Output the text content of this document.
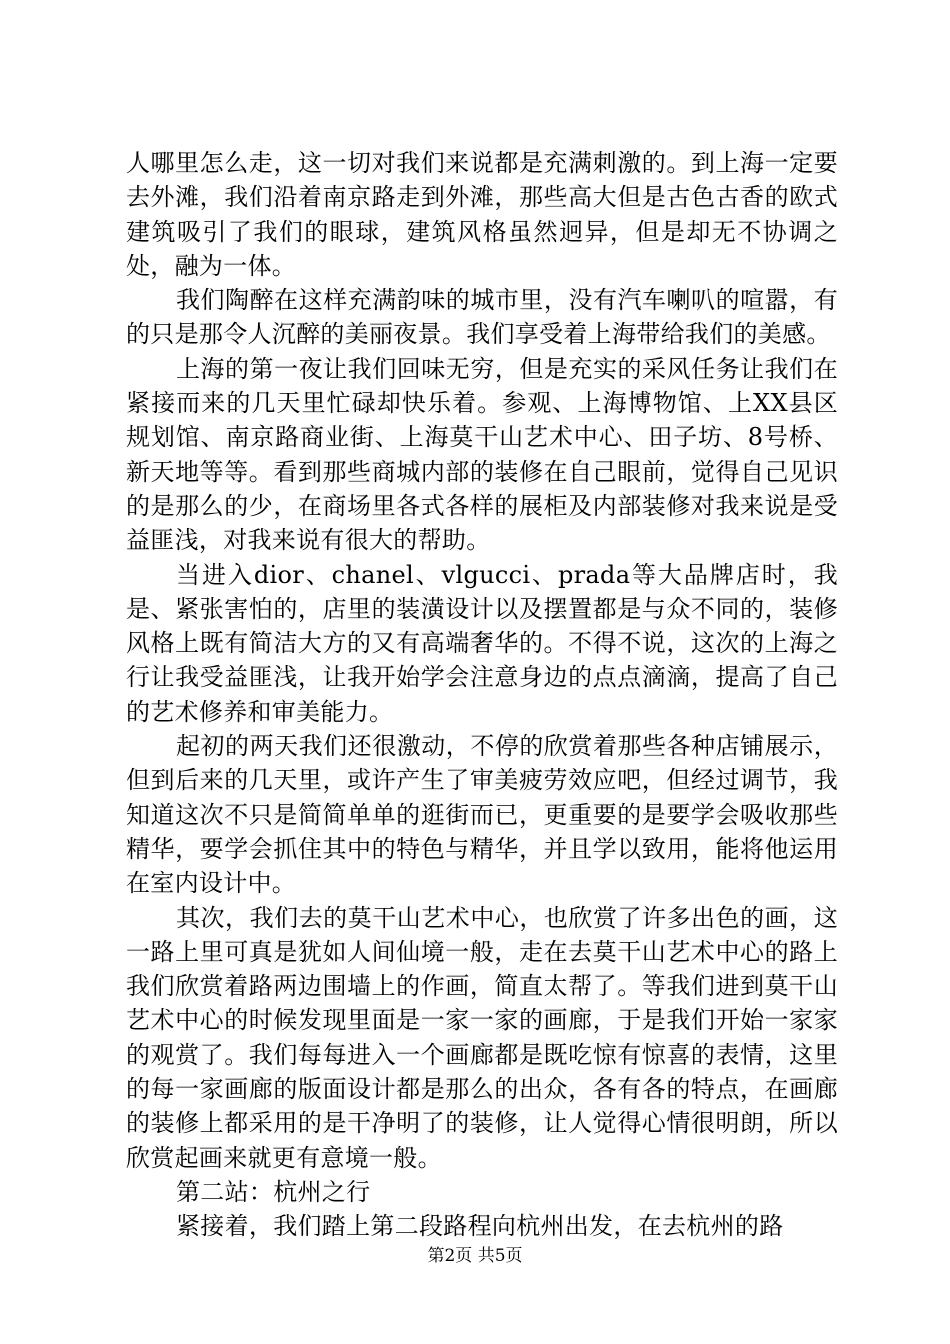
人哪里怎么走，这一切对我们来说都是充满刺激的。到上海一定要去外滩，我们沿着南京路走到外滩，那些高大但是古色古香的欧式建筑吸引了我们的眼球，建筑风格虽然迥异，但是却无不协调之处，融为一体。

我们陶醉在这样充满韵味的城市里，没有汽车喇叭的喧嚣，有的只是那令人沉醉的美丽夜景。我们享受着上海带给我们的美感。

上海的第一夜让我们回味无穷，但是充实的采风任务让我们在紧接而来的几天里忙碌却快乐着。参观、上海博物馆、上XX县区规划馆、南京路商业街、上海莫干山艺术中心、田子坊、8号桥、新天地等等。看到那些商城内部的装修在自己眼前，觉得自己见识的是那么的少，在商场里各式各样的展柜及内部装修对我来说是受益匪浅，对我来说有很大的帮助。

当进入dior、chanel、vlgucci、prada等大品牌店时，我是、紧张害怕的，店里的装潢设计以及摆置都是与众不同的，装修风格上既有简洁大方的又有高端奢华的。不得不说，这次的上海之行让我受益匪浅，让我开始学会注意身边的点点滴滴，提高了自己的艺术修养和审美能力。

起初的两天我们还很激动，不停的欣赏着那些各种店铺展示，但到后来的几天里，或许产生了审美疲劳效应吧，但经过调节，我知道这次不只是简简单单的逛街而已，更重要的是要学会吸收那些精华，要学会抓住其中的特色与精华，并且学以致用，能将他运用在室内设计中。

其次，我们去的莫干山艺术中心，也欣赏了许多出色的画，这一路上里可真是犹如人间仙境一般，走在去莫干山艺术中心的路上我们欣赏着路两边围墙上的作画，简直太帮了。等我们进到莫干山艺术中心的时候发现里面是一家一家的画廊，于是我们开始一家家的观赏了。我们每每进入一个画廊都是既吃惊有惊喜的表情，这里的每一家画廊的版面设计都是那么的出众，各有各的特点，在画廊的装修上都采用的是干净明了的装修，让人觉得心情很明朗，所以欣赏起画来就更有意境一般。

第二站：杭州之行

紧接着，我们踏上第二段路程向杭州出发，在去杭州的路

第2页 共5页
